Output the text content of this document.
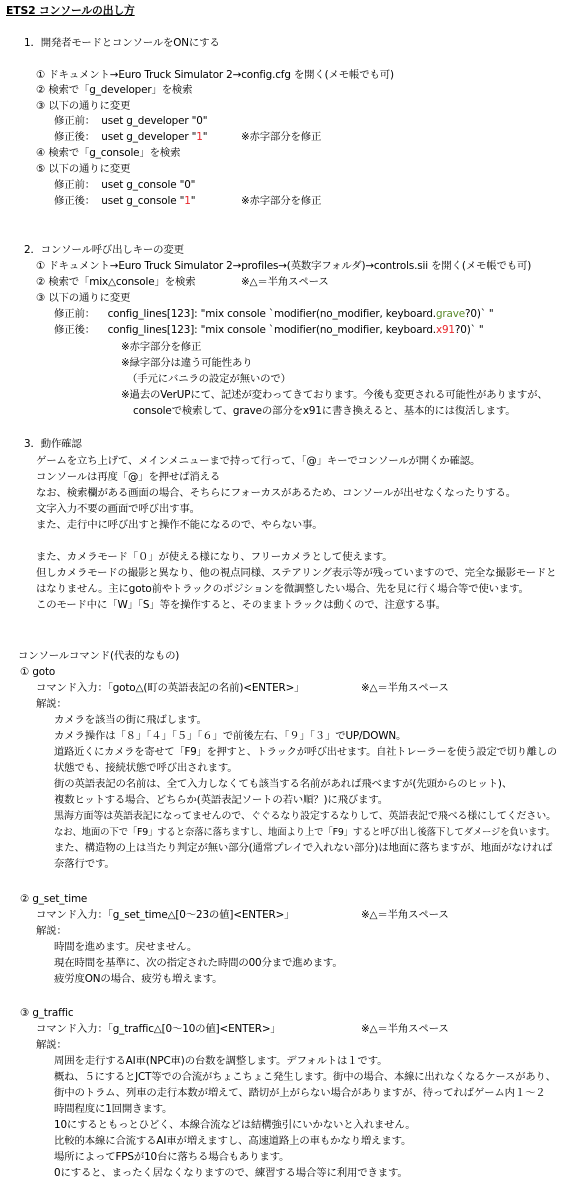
ETS2 コンソールの出し方
1．開発者モードとコンソールをONにする
① ドキュメント→Euro Truck Simulator 2→config.cfg を開く(メモ帳でも可)
② 検索で「g_developer」を検索
③ 以下の通りに変更
修正前：  uset g_developer "0"
修正後：  uset g_developer "1"	※赤字部分を修正
④ 検索で「g_console」を検索
⑤ 以下の通りに変更
修正前：  uset g_console "0"
修正後：  uset g_console "1"	※赤字部分を修正
2．コンソール呼び出しキーの変更
① ドキュメント→Euro Truck Simulator 2→profiles→(英数字フォルダ)→controls.sii を開く(メモ帳でも可)
② 検索で「mix△console」を検索	※△＝半角スペース
③ 以下の通りに変更
修正前：    config_lines[123]: "mix console `modifier(no_modifier, keyboard.grave?0)` "
修正後：    config_lines[123]: "mix console `modifier(no_modifier, keyboard.x91?0)` "
※赤字部分を修正
※緑字部分は違う可能性あり
（手元にバニラの設定が無いので）
※過去のVerUPにて、記述が変わってきております。今後も変更される可能性がありますが、
consoleで検索して、graveの部分をx91に書き換えると、基本的には復活します。
3．動作確認
ゲームを立ち上げて、メインメニューまで持って行って、「@」キーでコンソールが開くか確認。
コンソールは再度「@」を押せば消える
なお、検索欄がある画面の場合、そちらにフォーカスがあるため、コンソールが出せなくなったりする。
文字入力不要の画面で呼び出す事。
また、走行中に呼び出すと操作不能になるので、やらない事。
また、カメラモード「０」が使える様になり、フリーカメラとして使えます。
但しカメラモードの撮影と異なり、他の視点同様、ステアリング表示等が残っていますので、完全な撮影モードと
はなりません。主にgoto前やトラックのポジションを微調整したい場合、先を見に行く場合等で使います。
このモード中に「W」「S」等を操作すると、そのままトラックは動くので、注意する事。
コンソールコマンド(代表的なもの)
① goto
コマンド入力：「goto△(町の英語表記の名前)<ENTER>」	※△＝半角スペース
解説：
カメラを該当の街に飛ばします。
カメラ操作は「８」「４」「５」「６」で前後左右、「９」「３」でUP/DOWN。
道路近くにカメラを寄せて「F9」を押すと、トラックが呼び出せます。自社トレーラーを使う設定で切り離しの
状態でも、接続状態で呼び出されます。
街の英語表記の名前は、全て入力しなくても該当する名前があれば飛べますが(先頭からのヒット)、
複数ヒットする場合、どちらか(英語表記ソートの若い順？)に飛びます。
黒海方面等は英語表記になってませんので、ぐぐるなり設定するなりして、英語表記で飛べる様にしてください。
なお、地面の下で「F9」すると奈落に落ちますし、地面より上で「F9」すると呼び出し後落下してダメージを負います。
また、構造物の上は当たり判定が無い部分(通常プレイで入れない部分)は地面に落ちますが、地面がなければ
奈落行です。
② g_set_time
コマンド入力：「g_set_time△[0～23の値]<ENTER>」	※△＝半角スペース
解説：
時間を進めます。戻せません。
現在時間を基準に、次の指定された時間の00分まで進めます。
疲労度ONの場合、疲労も増えます。
③ g_traffic
コマンド入力：「g_traffic△[0～10の値]<ENTER>」	※△＝半角スペース
解説：
周囲を走行するAI車(NPC車)の台数を調整します。デフォルトは１です。
概ね、５にするとJCT等での合流がちょこちょこ発生します。街中の場合、本線に出れなくなるケースがあり、
街中のトラム、列車の走行本数が増えて、踏切が上がらない場合がありますが、待ってればゲーム内１～２
時間程度に1回開きます。
10にするともっとひどく、本線合流などは結構強引にいかないと入れません。
比較的本線に合流するAI車が増えますし、高速道路上の車もかなり増えます。
場所によってFPSが10台に落ちる場合もあります。
0にすると、まったく居なくなりますので、練習する場合等に利用できます。
